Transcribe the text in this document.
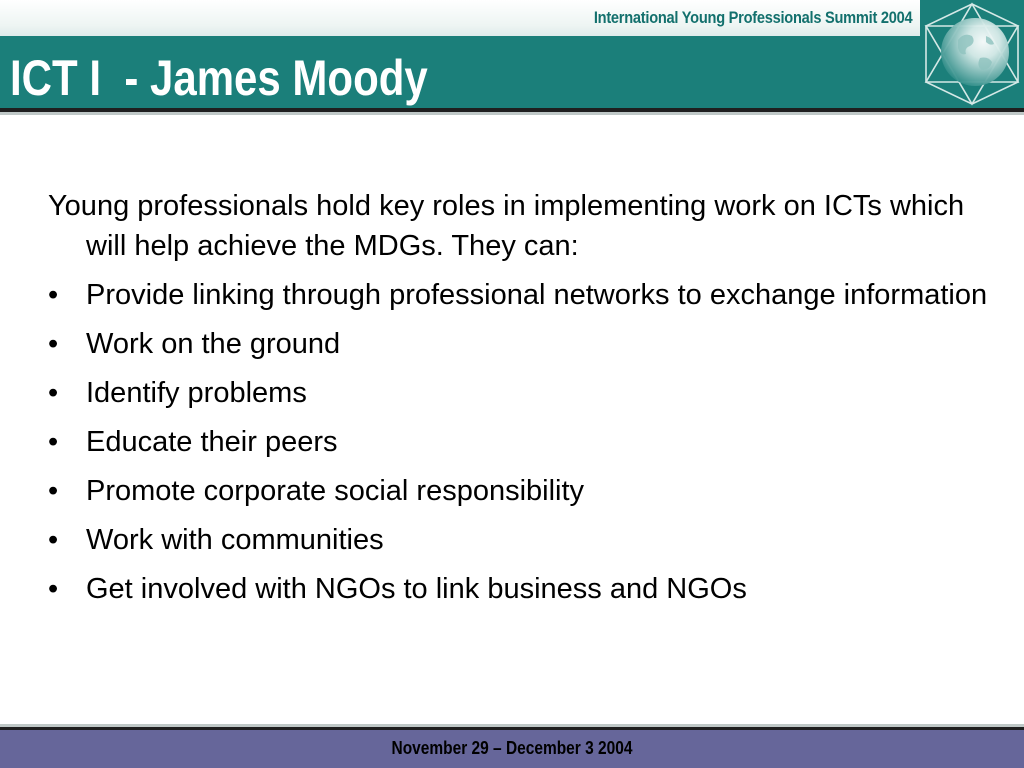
International Young Professionals Summit 2004
ICT I  - James Moody

Young professionals hold key roles in implementing work on ICTs which will help achieve the MDGs. They can:

• Provide linking through professional networks to exchange information
• Work on the ground
• Identify problems
• Educate their peers
• Promote corporate social responsibility
• Work with communities
• Get involved with NGOs to link business and NGOs
November 29 – December 3 2004
